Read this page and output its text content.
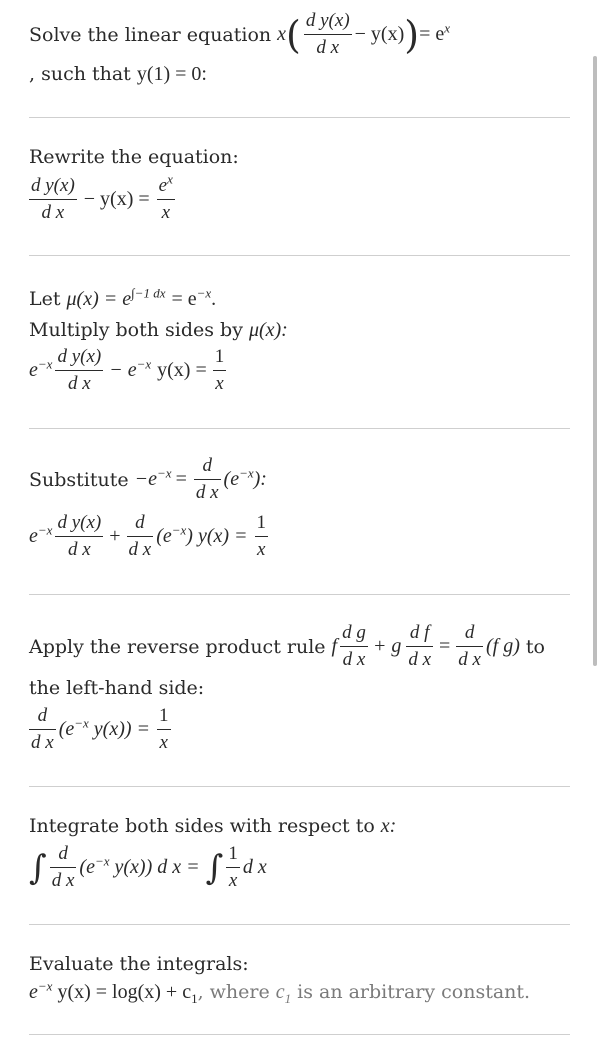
Solve the linear equation x ( $\frac{\text{d y(x)}}{\text{d x}} - y(x)$ ) = $e^x$
, such that y(1) = 0:
Rewrite the equation:
$\frac{\text{d y(x)}}{\text{d x}} - y(x) = \frac{e^x}{x}$
Let $\mu(x) = e^{\int-1 dx} = e^{-x}$.
Multiply both sides by μ(x):
$e^{-x} \frac{\text{d y(x)}}{\text{d x}} - e^{-x}$ $y(x) = \frac{1}{x}$
Substitute $-e^{-x} = \frac{d}{\text{d x}} (e^{-x})$:
$e^{-x} \frac{\text{d y(x)}}{\text{d x}} + \frac{d}{\text{d x}} (e^{-x}) y(x) = \frac{1}{x}$
Apply the reverse product rule f $\frac{\text{d g}}{\text{d x}} + g \frac{\text{d f}}{\text{d x}} = \frac{d}{\text{d x}} (f$ g) to
the left-hand side:
$\frac{d}{\text{d x}} (e^{-x}$ $y(x)) = \frac{1}{x}$
Integrate both sides with respect to x:
∫ $\frac{d}{\text{d x}} (e^{-x}$ y(x)) d x = ∫ $\frac{1}{x}$ d x
Evaluate the integrals:
$e^{-x}$ $y(x) = \log(x) + c_1$ , where $c_1$ is an arbitrary constant.
